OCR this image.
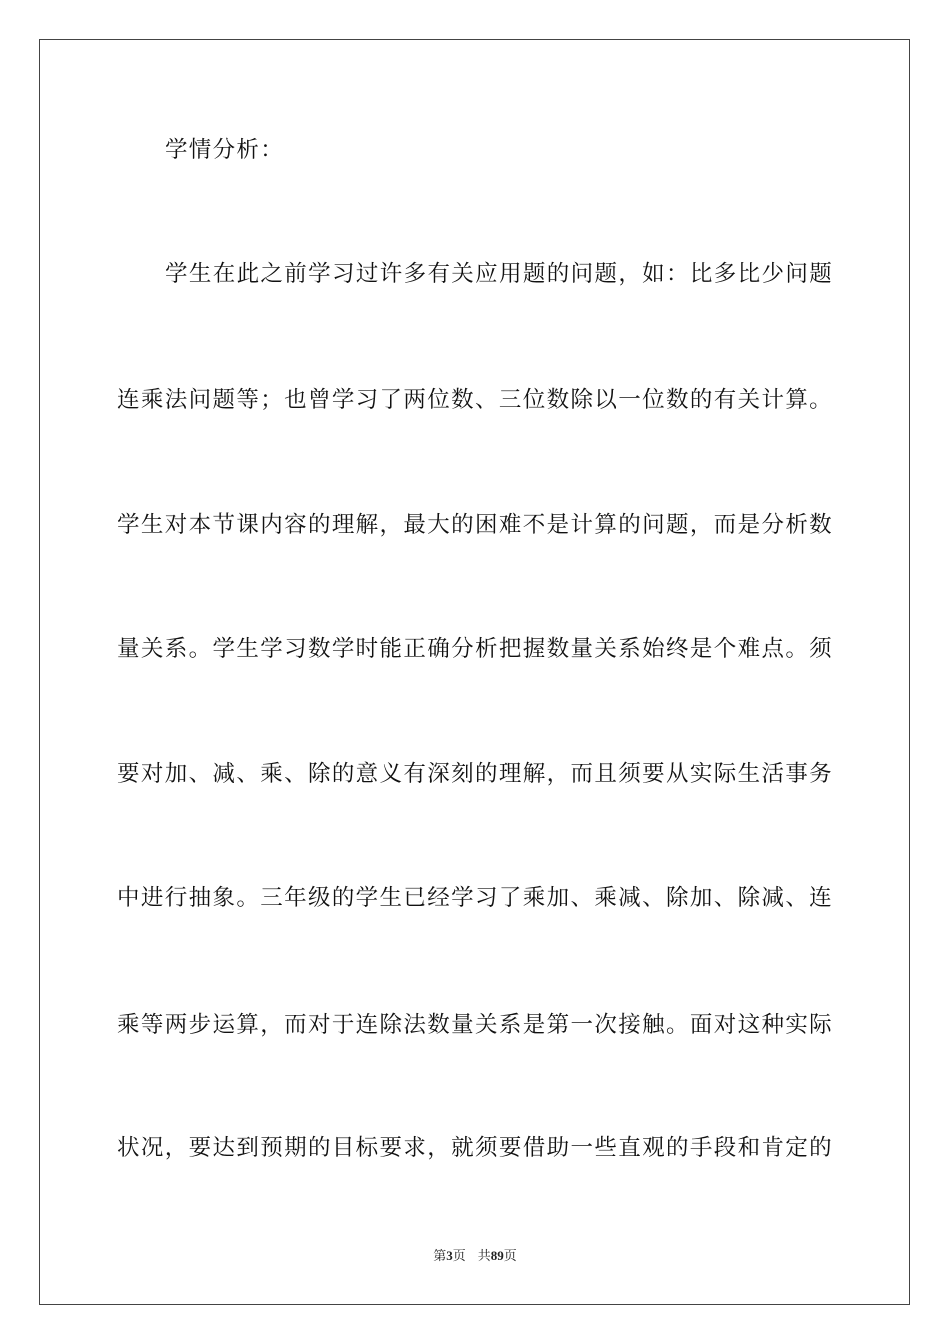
学情分析：
学生在此之前学习过许多有关应用题的问题，如：比多比少问题
连乘法问题等；也曾学习了两位数、三位数除以一位数的有关计算。
学生对本节课内容的理解，最大的困难不是计算的问题，而是分析数
量关系。学生学习数学时能正确分析把握数量关系始终是个难点。须
要对加、减、乘、除的意义有深刻的理解，而且须要从实际生活事务
中进行抽象。三年级的学生已经学习了乘加、乘减、除加、除减、连
乘等两步运算，而对于连除法数量关系是第一次接触。面对这种实际
状况，要达到预期的目标要求，就须要借助一些直观的手段和肯定的
第3页 共89页
